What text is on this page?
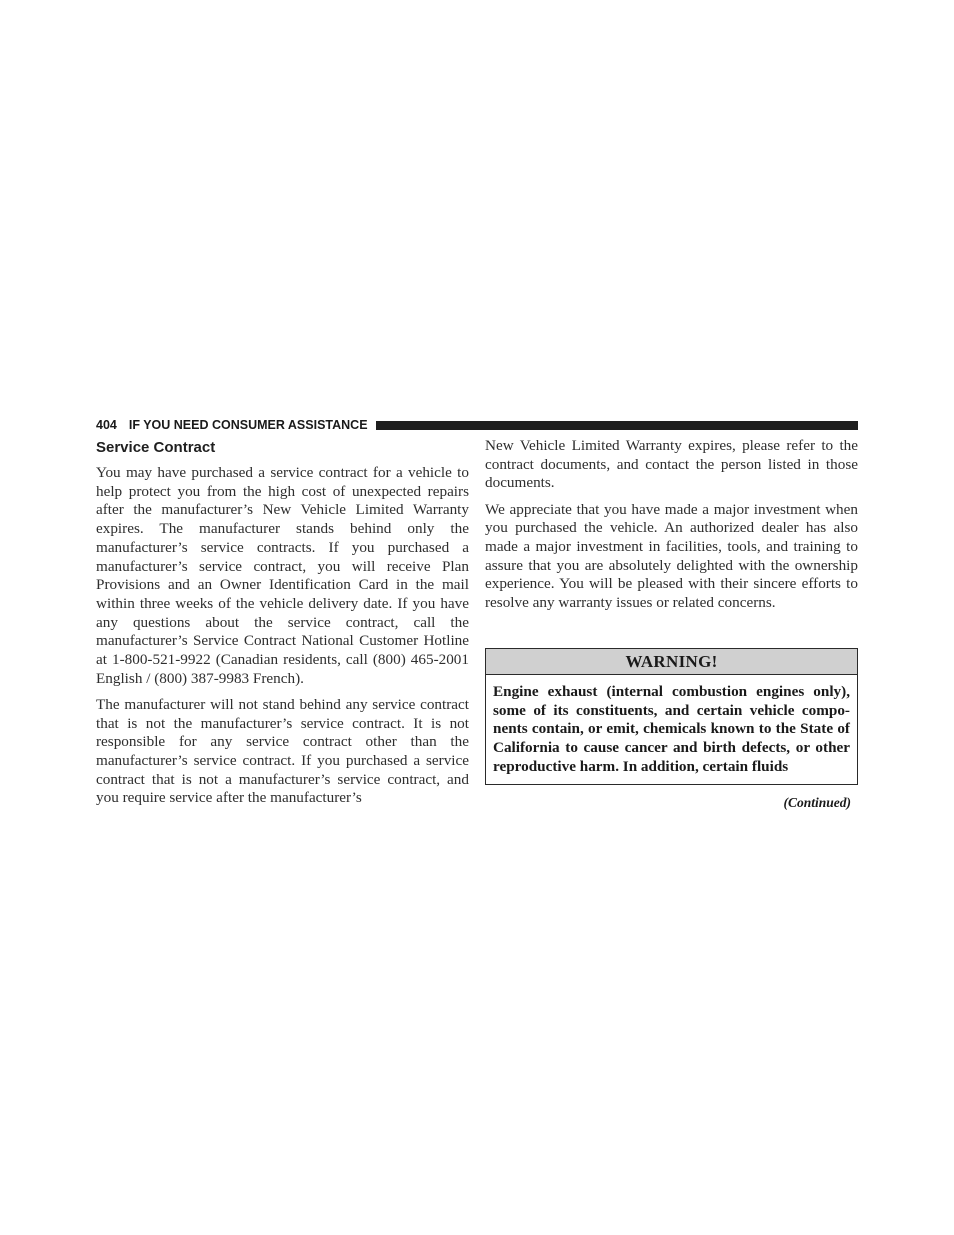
404 IF YOU NEED CONSUMER ASSISTANCE
Service Contract

You may have purchased a service contract for a vehicle to help protect you from the high cost of unexpected repairs after the manufacturer’s New Vehicle Limited Warranty expires. The manufacturer stands behind only the manufacturer’s service contracts. If you purchased a manufacturer’s service contract, you will receive Plan Provisions and an Owner Identification Card in the mail within three weeks of the vehicle delivery date. If you have any questions about the service contract, call the manufacturer’s Service Contract National Customer Hotline at 1-800-521-9922 (Canadian residents, call (800) 465-2001 English / (800) 387-9983 French).

The manufacturer will not stand behind any service contract that is not the manufacturer’s service contract. It is not responsible for any service contract other than the manufacturer’s service contract. If you purchased a service contract that is not a manufacturer’s service contract, and you require service after the manufacturer’s

New Vehicle Limited Warranty expires, please refer to the contract documents, and contact the person listed in those documents.

We appreciate that you have made a major investment when you purchased the vehicle. An authorized dealer has also made a major investment in facilities, tools, and training to assure that you are absolutely delighted with the ownership experience. You will be pleased with their sincere efforts to resolve any warranty issues or related concerns.

WARNING!
Engine exhaust (internal combustion engines only), some of its constituents, and certain vehicle compo- nents contain, or emit, chemicals known to the State of California to cause cancer and birth defects, or other reproductive harm. In addition, certain fluids
(Continued)
